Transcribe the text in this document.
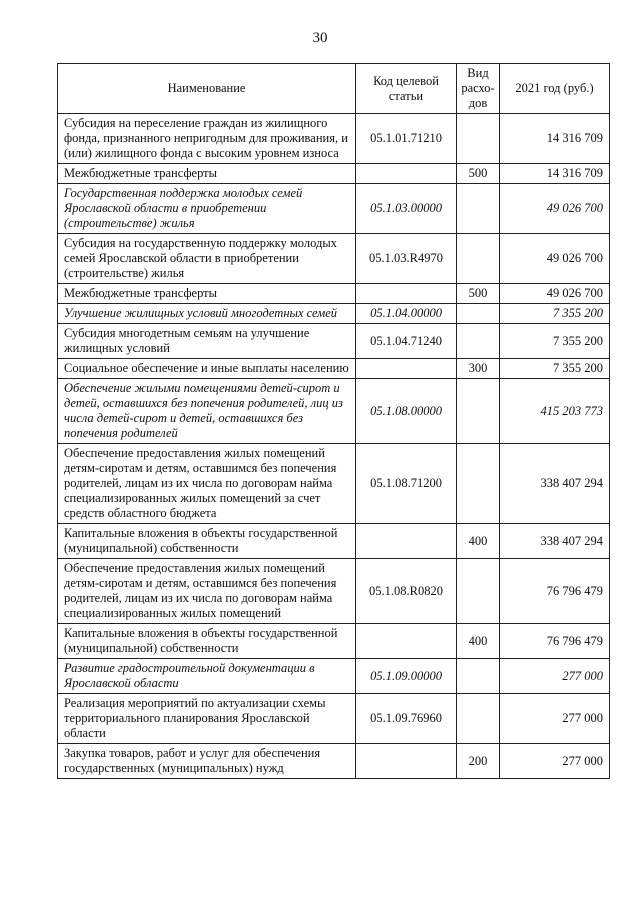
30
Наименование	Код целевой статьи	Вид расхо-дов	2021 год (руб.)
Субсидия на переселение граждан из жилищного фонда, признанного непригодным для проживания, и (или) жилищного фонда с высоким уровнем износа	05.1.01.71210		14 316 709
Межбюджетные трансферты		500	14 316 709
Государственная поддержка молодых семей Ярославской области в приобретении (строительстве) жилья	05.1.03.00000		49 026 700
Субсидия на государственную поддержку молодых семей Ярославской области в приобретении (строительстве) жилья	05.1.03.R4970		49 026 700
Межбюджетные трансферты		500	49 026 700
Улучшение жилищных условий многодетных семей	05.1.04.00000		7 355 200
Субсидия многодетным семьям на улучшение жилищных условий	05.1.04.71240		7 355 200
Социальное обеспечение и иные выплаты населению		300	7 355 200
Обеспечение жилыми помещениями детей-сирот и детей, оставшихся без попечения родителей, лиц из числа детей-сирот и детей, оставшихся без попечения родителей	05.1.08.00000		415 203 773
Обеспечение предоставления жилых помещений детям-сиротам и детям, оставшимся без попечения родителей, лицам из их числа по договорам найма специализированных жилых помещений за счет средств областного бюджета	05.1.08.71200		338 407 294
Капитальные вложения в объекты государственной (муниципальной) собственности		400	338 407 294
Обеспечение предоставления жилых помещений детям-сиротам и детям, оставшимся без попечения родителей, лицам из их числа по договорам найма специализированных жилых помещений	05.1.08.R0820		76 796 479
Капитальные вложения в объекты государственной (муниципальной) собственности		400	76 796 479
Развитие градостроительной документации в Ярославской области	05.1.09.00000		277 000
Реализация мероприятий по актуализации схемы территориального планирования Ярославской области	05.1.09.76960		277 000
Закупка товаров, работ и услуг для обеспечения государственных (муниципальных) нужд		200	277 000
